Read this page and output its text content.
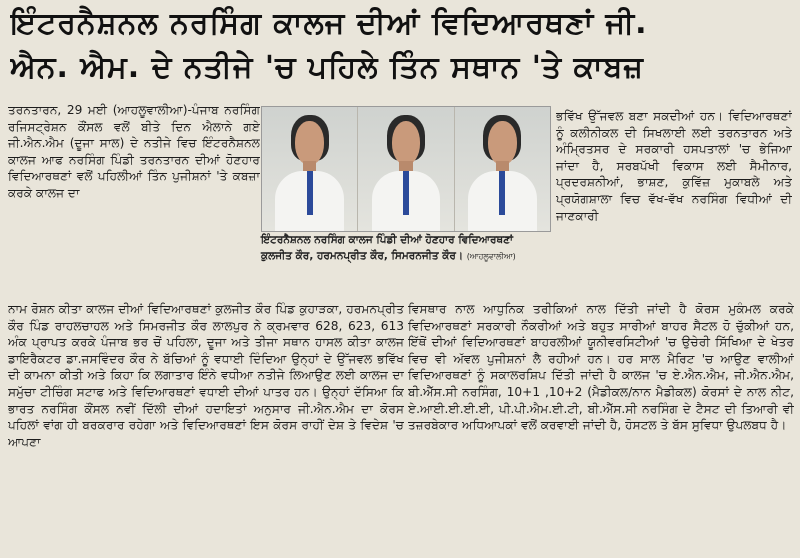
ਇੰਟਰਨੈਸ਼ਨਲ ਨਰਸਿੰਗ ਕਾਲਜ ਦੀਆਂ ਵਿਦਿਆਰਥਣਾਂ ਜੀ.
ਐਨ. ਐਮ. ਦੇ ਨਤੀਜੇ 'ਚ ਪਹਿਲੇ ਤਿੰਨ ਸਥਾਨ 'ਤੇ ਕਾਬਜ਼

ਤਰਨਤਾਰਨ, 29 ਮਈ (ਆਹਲੂਵਾਲੀਆ)-ਪੰਜਾਬ ਨਰਸਿੰਗ ਰਜਿਸਟ੍ਰੇਸ਼ਨ ਕੌਂਸਲ ਵਲੋਂ ਬੀਤੇ ਦਿਨ ਐਲਾਨੇ ਗਏ ਜੀ.ਐਨ.ਐਮ (ਦੂਜਾ ਸਾਲ) ਦੇ ਨਤੀਜੇ ਵਿਚ ਇੰਟਰਨੈਸ਼ਨਲ ਕਾਲਜ ਆਫ ਨਰਸਿੰਗ ਪਿੰਡੀ ਤਰਨਤਾਰਨ ਦੀਆਂ ਹੋਣਹਾਰ ਵਿਦਿਆਰਥਣਾਂ ਵਲੋਂ ਪਹਿਲੀਆਂ ਤਿੰਨ ਪੁਜੀਸ਼ਨਾਂ 'ਤੇ ਕਬਜ਼ਾ ਕਰਕੇ ਕਾਲਜ ਦਾ

ਇੰਟਰਨੈਸ਼ਨਲ ਨਰਸਿੰਗ ਕਾਲਜ ਪਿੰਡੀ ਦੀਆਂ ਹੋਣਹਾਰ ਵਿਦਿਆਰਥਣਾਂ
ਕੁਲਜੀਤ ਕੌਰ, ਹਰਮਨਪ੍ਰੀਤ ਕੌਰ, ਸਿਮਰਨਜੀਤ ਕੌਰ। (ਆਹਲੂਵਾਲੀਆ)

ਭਵਿੱਖ ਉੱਜਵਲ ਬਣਾ ਸਕਦੀਆਂ ਹਨ। ਵਿਦਿਆਰਥਣਾਂ ਨੂੰ ਕਲੀਨੀਕਲ ਦੀ ਸਿਖਲਾਈ ਲਈ ਤਰਨਤਾਰਨ ਅਤੇ ਅੰਮ੍ਰਿਤਸਰ ਦੇ ਸਰਕਾਰੀ ਹਸਪਤਾਲਾਂ 'ਚ ਭੇਜਿਆ ਜਾਂਦਾ ਹੈ, ਸਰਬਪੱਖੀ ਵਿਕਾਸ ਲਈ ਸੈਮੀਨਾਰ, ਪ੍ਰਦਰਸ਼ਨੀਆਂ, ਭਾਸ਼ਣ, ਕੁਵਿੱਜ਼ ਮੁਕਾਬਲੇ ਅਤੇ ਪ੍ਰਯੋਗਸ਼ਾਲਾ ਵਿਚ ਵੱਖ-ਵੱਖ ਨਰਸਿੰਗ ਵਿਧੀਆਂ ਦੀ ਜਾਣਕਾਰੀ

ਨਾਮ ਰੋਸ਼ਨ ਕੀਤਾ ਕਾਲਜ ਦੀਆਂ ਵਿਦਿਆਰਥਣਾਂ ਕੁਲਜੀਤ ਕੌਰ ਪਿੰਡ ਕੁਹਾੜਕਾ, ਹਰਮਨਪ੍ਰੀਤ ਕੌਰ ਪਿੰਡ ਰਾਹਲਚਾਹਲ ਅਤੇ ਸਿਮਰਜੀਤ ਕੌਰ ਲਾਲਪੁਰ ਨੇ ਕ੍ਰਮਵਾਰ 628, 623, 613 ਅੰਕ ਪ੍ਰਾਪਤ ਕਰਕੇ ਪੰਜਾਬ ਭਰ ਚੋਂ ਪਹਿਲਾ, ਦੂਜਾ ਅਤੇ ਤੀਜਾ ਸਥਾਨ ਹਾਸਲ ਕੀਤਾ ਕਾਲਜ ਡਾਇਰੈਕਟਰ ਡਾ.ਜਸਵਿੰਦਰ ਕੌਰ ਨੇ ਬੱਚਿਆਂ ਨੂੰ ਵਧਾਈ ਦਿੰਦਿਆ ਉਨ੍ਹਾਂ ਦੇ ਉੱਜਵਲ ਭਵਿੱਖ ਦੀ ਕਾਮਨਾ ਕੀਤੀ ਅਤੇ ਕਿਹਾ ਕਿ ਲਗਾਤਾਰ ਇੰਨੇ ਵਧੀਆ ਨਤੀਜੇ ਲਿਆਉਣ ਲਈ ਕਾਲਜ ਦਾ ਸਮੁੱਚਾ ਟੀਚਿੰਗ ਸਟਾਫ ਅਤੇ ਵਿਦਿਆਰਥਣਾਂ ਵਧਾਈ ਦੀਆਂ ਪਾਤਰ ਹਨ। ਉਨ੍ਹਾਂ ਦੱਸਿਆ ਕਿ ਭਾਰਤ ਨਰਸਿੰਗ ਕੌਂਸਲ ਨਵੀਂ ਦਿੱਲੀ ਦੀਆਂ ਹਦਾਇਤਾਂ ਅਨੁਸਾਰ ਜੀ.ਐਨ.ਐਮ ਦਾ ਕੋਰਸ ਪਹਿਲਾਂ ਵਾਂਗ ਹੀ ਬਰਕਰਾਰ ਰਹੇਗਾ ਅਤੇ ਵਿਦਿਆਰਥਣਾਂ ਇਸ ਕੋਰਸ ਰਾਹੀਂ ਦੇਸ਼ ਤੇ ਵਿਦੇਸ਼ 'ਚ ਆਪਣਾ

ਵਿਸਥਾਰ ਨਾਲ ਆਧੁਨਿਕ ਤਰੀਕਿਆਂ ਨਾਲ ਦਿੱਤੀ ਜਾਂਦੀ ਹੈ ਕੋਰਸ ਮੁਕੰਮਲ ਕਰਕੇ ਵਿਦਿਆਰਥਣਾਂ ਸਰਕਾਰੀ ਨੌਕਰੀਆਂ ਅਤੇ ਬਹੁਤ ਸਾਰੀਆਂ ਬਾਹਰ ਸੈਟਲ ਹੋ ਚੁੱਕੀਆਂ ਹਨ, ਇੱਥੋਂ ਦੀਆਂ ਵਿਦਿਆਰਥਣਾਂ ਬਾਹਰਲੀਆਂ ਯੂਨੀਵਰਸਿਟੀਆਂ 'ਚ ਉਚੇਰੀ ਸਿੱਖਿਆ ਦੇ ਖੇਤਰ ਵਿਚ ਵੀ ਅੱਵਲ ਪੁਜੀਸ਼ਨਾਂ ਲੈ ਰਹੀਆਂ ਹਨ। ਹਰ ਸਾਲ ਮੈਰਿਟ 'ਚ ਆਉਣ ਵਾਲੀਆਂ ਵਿਦਿਆਰਥਣਾਂ ਨੂੰ ਸਕਾਲਰਸ਼ਿਪ ਦਿੱਤੀ ਜਾਂਦੀ ਹੈ ਕਾਲਜ 'ਚ ਏ.ਐਨ.ਐਮ, ਜੀ.ਐਨ.ਐਮ, ਬੀ.ਐੱਸ.ਸੀ ਨਰਸਿੰਗ, 10+1 ,10+2 (ਮੈਡੀਕਲ/ਨਾਨ ਮੈਡੀਕਲ) ਕੋਰਸਾਂ ਦੇ ਨਾਲ ਨੀਟ, ਏ.ਆਈ.ਈ.ਈ.ਈ, ਪੀ.ਪੀ.ਐਮ.ਈ.ਟੀ, ਬੀ.ਐੱਸ.ਸੀ ਨਰਸਿੰਗ ਦੇ ਟੈਸਟ ਦੀ ਤਿਆਰੀ ਵੀ ਤਜ਼ਰਬੇਕਾਰ ਅਧਿਆਪਕਾਂ ਵਲੋਂ ਕਰਵਾਈ ਜਾਂਦੀ ਹੈ, ਹੋਸਟਲ ਤੇ ਬੱਸ ਸੁਵਿਧਾ ਉਪਲਬਧ ਹੈ।
